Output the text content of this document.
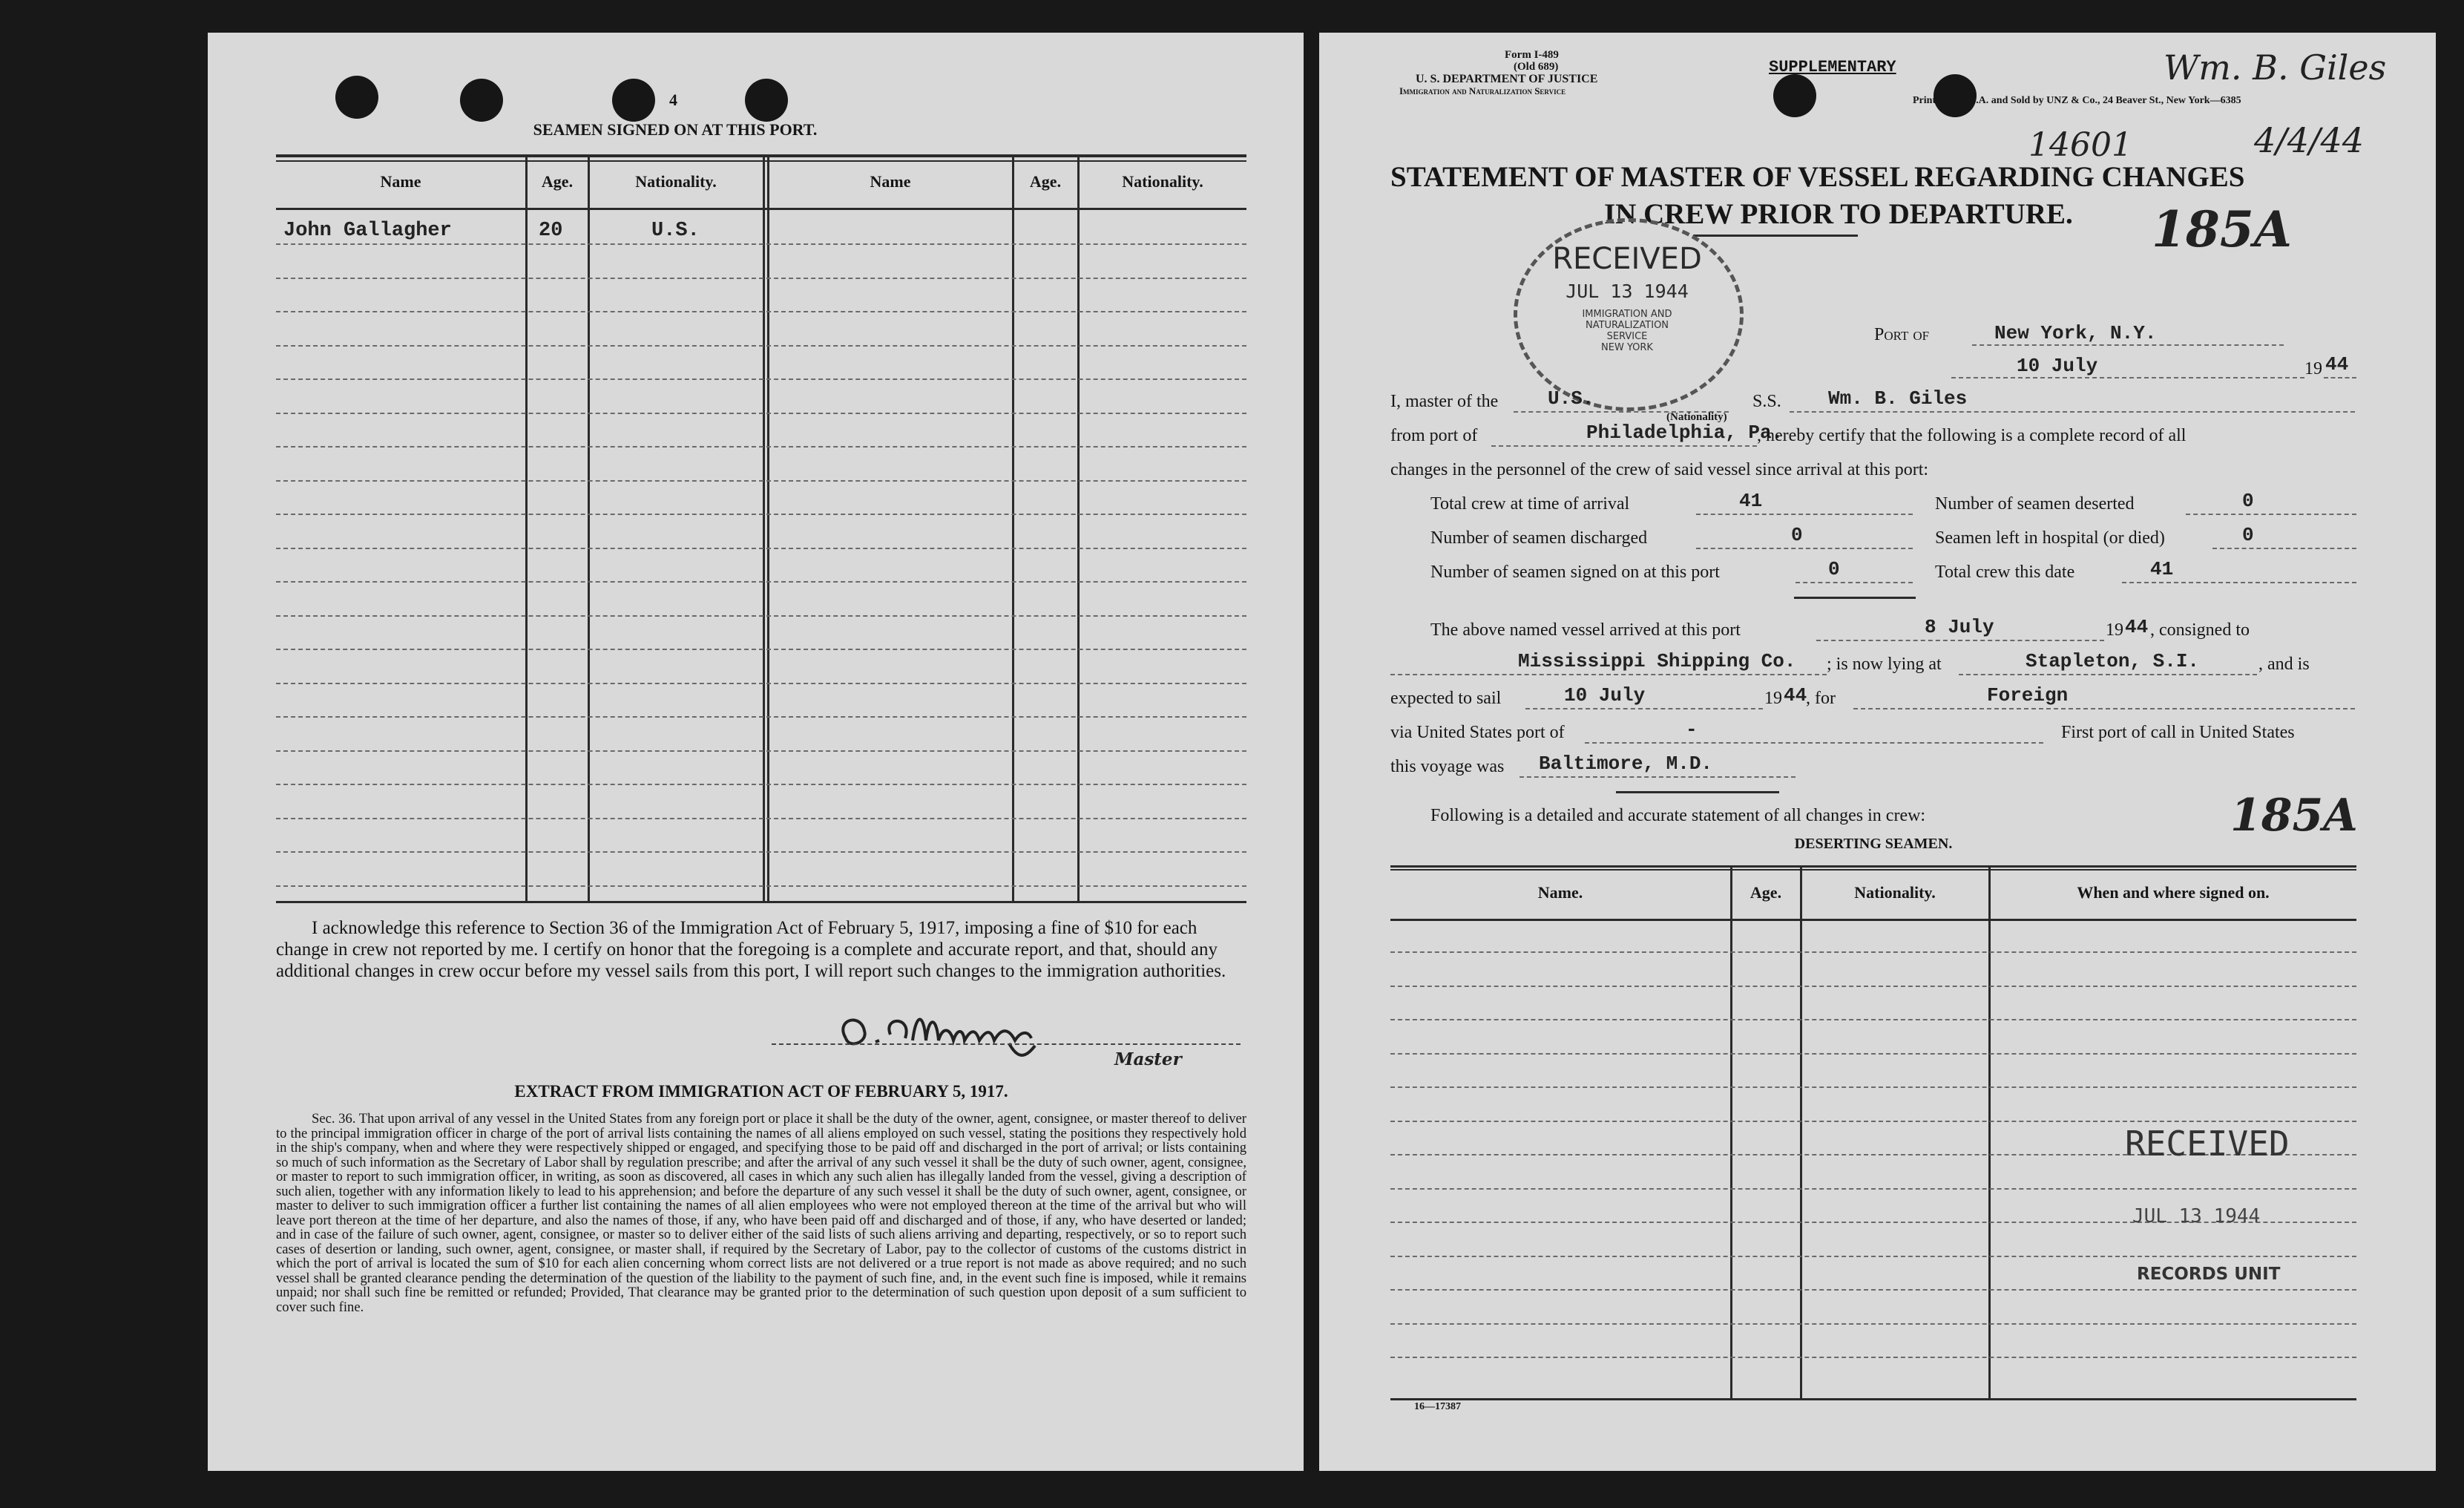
4
SEAMEN SIGNED ON AT THIS PORT.
Name	Age.	Nationality.	Name	Age.	Nationality.
John Gallagher	20	U.S.
I acknowledge this reference to Section 36 of the Immigration Act of February 5, 1917, imposing a fine of $10 for each change in crew not reported by me. I certify on honor that the foregoing is a complete and accurate report, and that, should any additional changes in crew occur before my vessel sails from this port, I will report such changes to the immigration authorities.
Master
EXTRACT FROM IMMIGRATION ACT OF FEBRUARY 5, 1917.
Sec. 36. That upon arrival of any vessel in the United States from any foreign port or place it shall be the duty of the owner, agent, consignee, or master thereof to deliver to the principal immigration officer in charge of the port of arrival lists containing the names of all aliens employed on such vessel, stating the positions they respectively hold in the ship's company, when and where they were respectively shipped or engaged, and specifying those to be paid off and discharged in the port of arrival; or lists containing so much of such information as the Secretary of Labor shall by regulation prescribe; and after the arrival of any such vessel it shall be the duty of such owner, agent, consignee, or master to report to such immigration officer, in writing, as soon as discovered, all cases in which any such alien has illegally landed from the vessel, giving a description of such alien, together with any information likely to lead to his apprehension; and before the departure of any such vessel it shall be the duty of such owner, agent, consignee, or master to deliver to such immigration officer a further list containing the names of all alien employees who were not employed thereon at the time of the arrival but who will leave port thereon at the time of her departure, and also the names of those, if any, who have been paid off and discharged and of those, if any, who have deserted or landed; and in case of the failure of such owner, agent, consignee, or master so to deliver either of the said lists of such aliens arriving and departing, respectively, or so to report such cases of desertion or landing, such owner, agent, consignee, or master shall, if required by the Secretary of Labor, pay to the collector of customs of the customs district in which the port of arrival is located the sum of $10 for each alien concerning whom correct lists are not delivered or a true report is not made as above required; and no such vessel shall be granted clearance pending the determination of the question of the liability to the payment of such fine, and, in the event such fine is imposed, while it remains unpaid; nor shall such fine be remitted or refunded; Provided, That clearance may be granted prior to the determination of such question upon deposit of a sum sufficient to cover such fine.
Form I-489
(Old 689)
U. S. DEPARTMENT OF JUSTICE
Immigration and Naturalization Service
SUPPLEMENTARY
Printed in U.S.A. and Sold by UNZ & Co., 24 Beaver St., New York—6385
Wm. B. Giles
14601	4/4/44
STATEMENT OF MASTER OF VESSEL REGARDING CHANGES
IN CREW PRIOR TO DEPARTURE. 185A
RECEIVED
JUL 13 1944
IMMIGRATION AND
NATURALIZATION
SERVICE
NEW YORK
Port of	New York, N.Y.
10 July	19 44
I, master of the	U.S.
(Nationality)
S.S. Wm. B. Giles
from port of	Philadelphia, Pa.
, hereby certify that the following is a complete record of all
changes in the personnel of the crew of said vessel since arrival at this port:
Total crew at time of arrival	41	Number of seamen deserted	0
Number of seamen discharged	0	Seamen left in hospital (or died)	0
Number of seamen signed on at this port	0	Total crew this date	41
The above named vessel arrived at this port	8 July	19 44 , consigned to
Mississippi Shipping Co. ; is now lying at	Stapleton, S.I.	, and is
expected to sail	10 July	19 44
, for	Foreign
via United States port of	-	First port of call in United States
this voyage was Baltimore, M.D.
Following is a detailed and accurate statement of all changes in crew:	185A
DESERTING SEAMEN.
Name.	Age.	Nationality.	When and where signed on.
RECEIVED
JUL 13 1944
RECORDS UNIT
16—17387
